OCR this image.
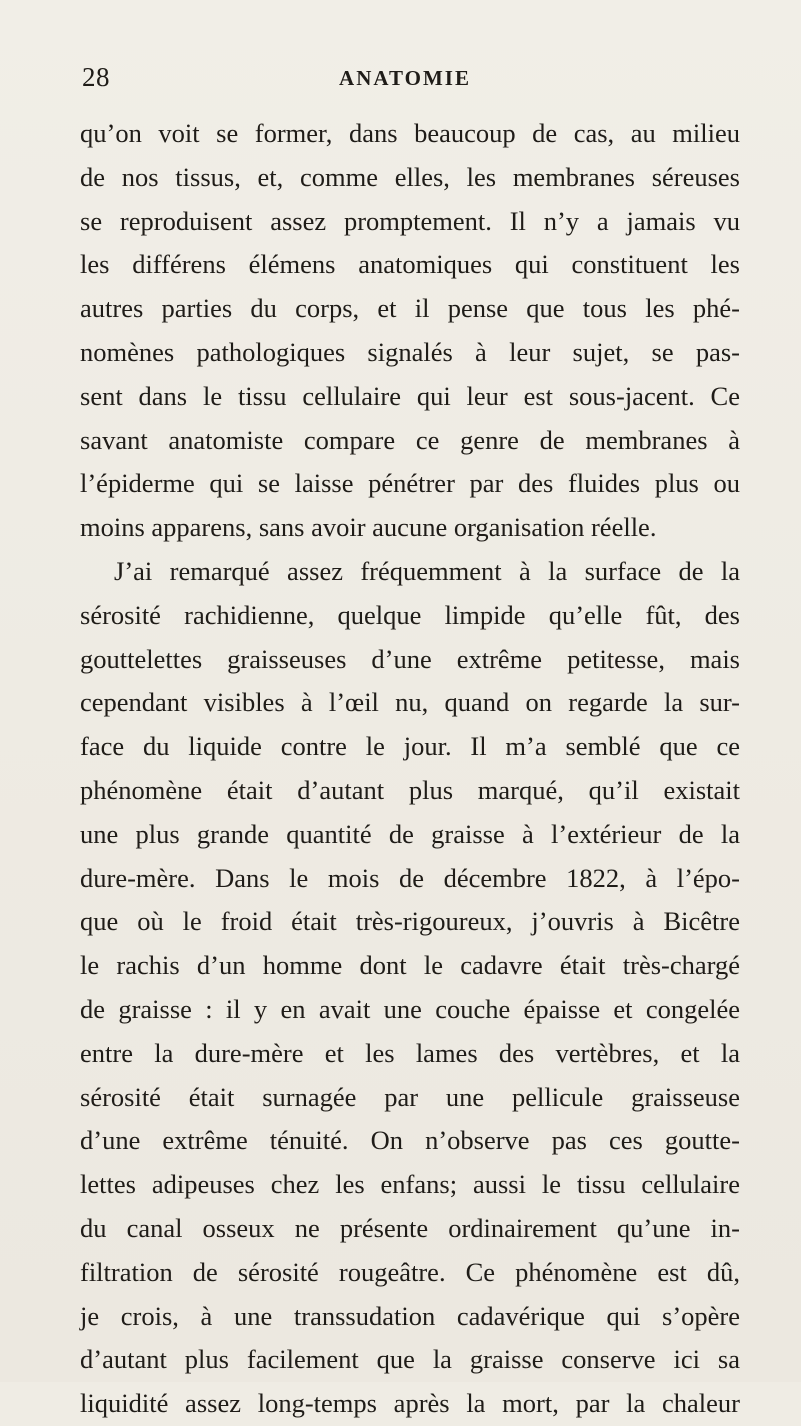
28	ANATOMIE
qu’on voit se former, dans beaucoup de cas, au milieu
de nos tissus, et, comme elles, les membranes séreuses
se reproduisent assez promptement. Il n’y a jamais vu
les différens élémens anatomiques qui constituent les
autres parties du corps, et il pense que tous les phé-
nomènes pathologiques signalés à leur sujet, se pas-
sent dans le tissu cellulaire qui leur est sous-jacent. Ce
savant anatomiste compare ce genre de membranes à
l’épiderme qui se laisse pénétrer par des fluides plus ou
moins apparens, sans avoir aucune organisation réelle.
J’ai remarqué assez fréquemment à la surface de la
sérosité rachidienne, quelque limpide qu’elle fût, des
gouttelettes graisseuses d’une extrême petitesse, mais
cependant visibles à l’œil nu, quand on regarde la sur-
face du liquide contre le jour. Il m’a semblé que ce
phénomène était d’autant plus marqué, qu’il existait
une plus grande quantité de graisse à l’extérieur de la
dure-mère. Dans le mois de décembre 1822, à l’épo-
que où le froid était très-rigoureux, j’ouvris à Bicêtre
le rachis d’un homme dont le cadavre était très-chargé
de graisse : il y en avait une couche épaisse et congelée
entre la dure-mère et les lames des vertèbres, et la
sérosité était surnagée par une pellicule graisseuse
d’une extrême ténuité. On n’observe pas ces goutte-
lettes adipeuses chez les enfans; aussi le tissu cellulaire
du canal osseux ne présente ordinairement qu’une in-
filtration de sérosité rougeâtre. Ce phénomène est dû,
je crois, à une transsudation cadavérique qui s’opère
d’autant plus facilement que la graisse conserve ici sa
liquidité assez long-temps après la mort, par la chaleur
